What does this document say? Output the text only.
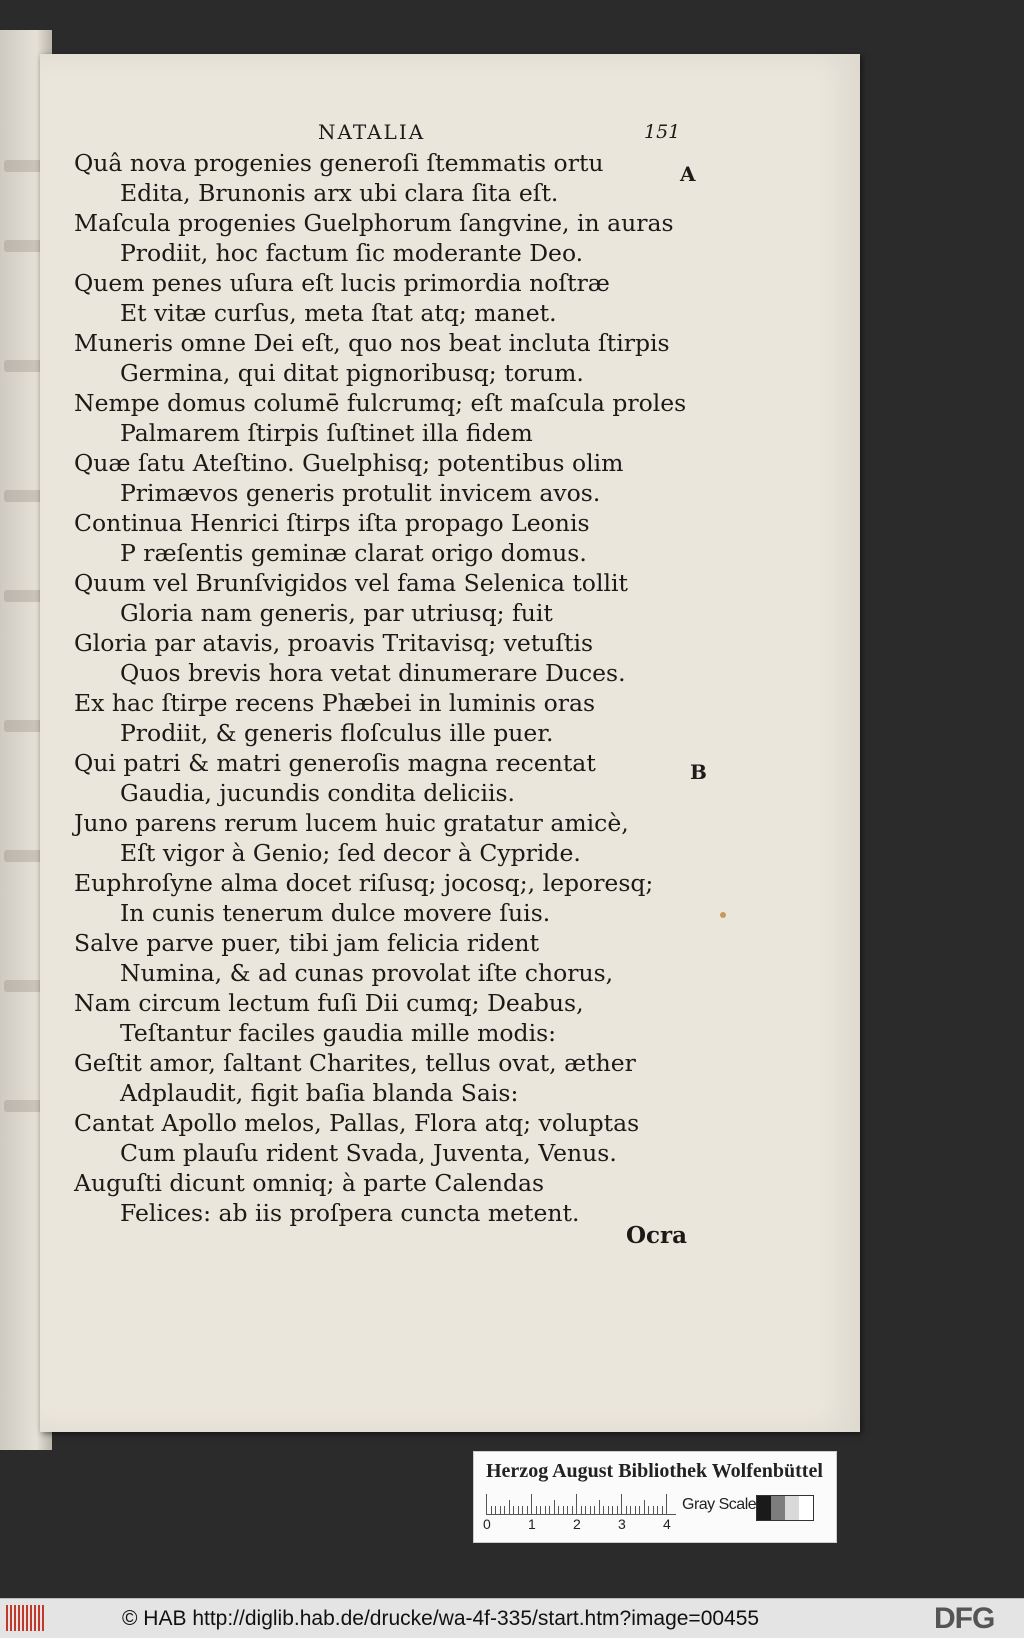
NATALIA	151
A
B
Quâ nova progenies generoſi ſtemmatis ortu
Edita, Brunonis arx ubi clara ſita eſt.
Maſcula progenies Guelphorum ſangvine, in auras
Prodiit, hoc factum ſic moderante Deo.
Quem penes uſura eſt lucis primordia noſtræ
Et vitæ curſus, meta ſtat atq; manet.
Muneris omne Dei eſt, quo nos beat incluta ſtirpis
Germina, qui ditat pignoribusq; torum.
Nempe domus columē fulcrumq; eſt maſcula proles
Palmarem ſtirpis ſuſtinet illa fidem
Quæ ſatu Ateſtino. Guelphisq; potentibus olim
Primævos generis protulit invicem avos.
Continua Henrici ſtirps iſta propago Leonis
P ræſentis geminæ clarat origo domus.
Quum vel Brunſvigidos vel fama Selenica tollit
Gloria nam generis, par utriusq; fuit
Gloria par atavis, proavis Tritavisq; vetuſtis
Quos brevis hora vetat dinumerare Duces.
Ex hac ſtirpe recens Phæbei in luminis oras
Prodiit, & generis floſculus ille puer.
Qui patri & matri generoſis magna recentat
Gaudia, jucundis condita deliciis.
Juno parens rerum lucem huic gratatur amicè,
Eſt vigor à Genio; ſed decor à Cypride.
Euphroſyne alma docet riſusq; jocosq;, leporesq;
In cunis tenerum dulce movere ſuis.
Salve parve puer, tibi jam felicia rident
Numina, & ad cunas provolat iſte chorus,
Nam circum lectum fuſi Dii cumq; Deabus,
Teſtantur faciles gaudia mille modis:
Geſtit amor, ſaltant Charites, tellus ovat, æther
Adplaudit, figit baſia blanda Sais:
Cantat Apollo melos, Pallas, Flora atq; voluptas
Cum plauſu rident Svada, Juventa, Venus.
Auguſti dicunt omniq; à parte Calendas
Felices: ab iis proſpera cuncta metent.
Ocra
Herzog August Bibliothek Wolfenbüttel
0	1	2	3	4
Gray Scale
© HAB http://diglib.hab.de/drucke/wa-4f-335/start.htm?image=00455	DFG
